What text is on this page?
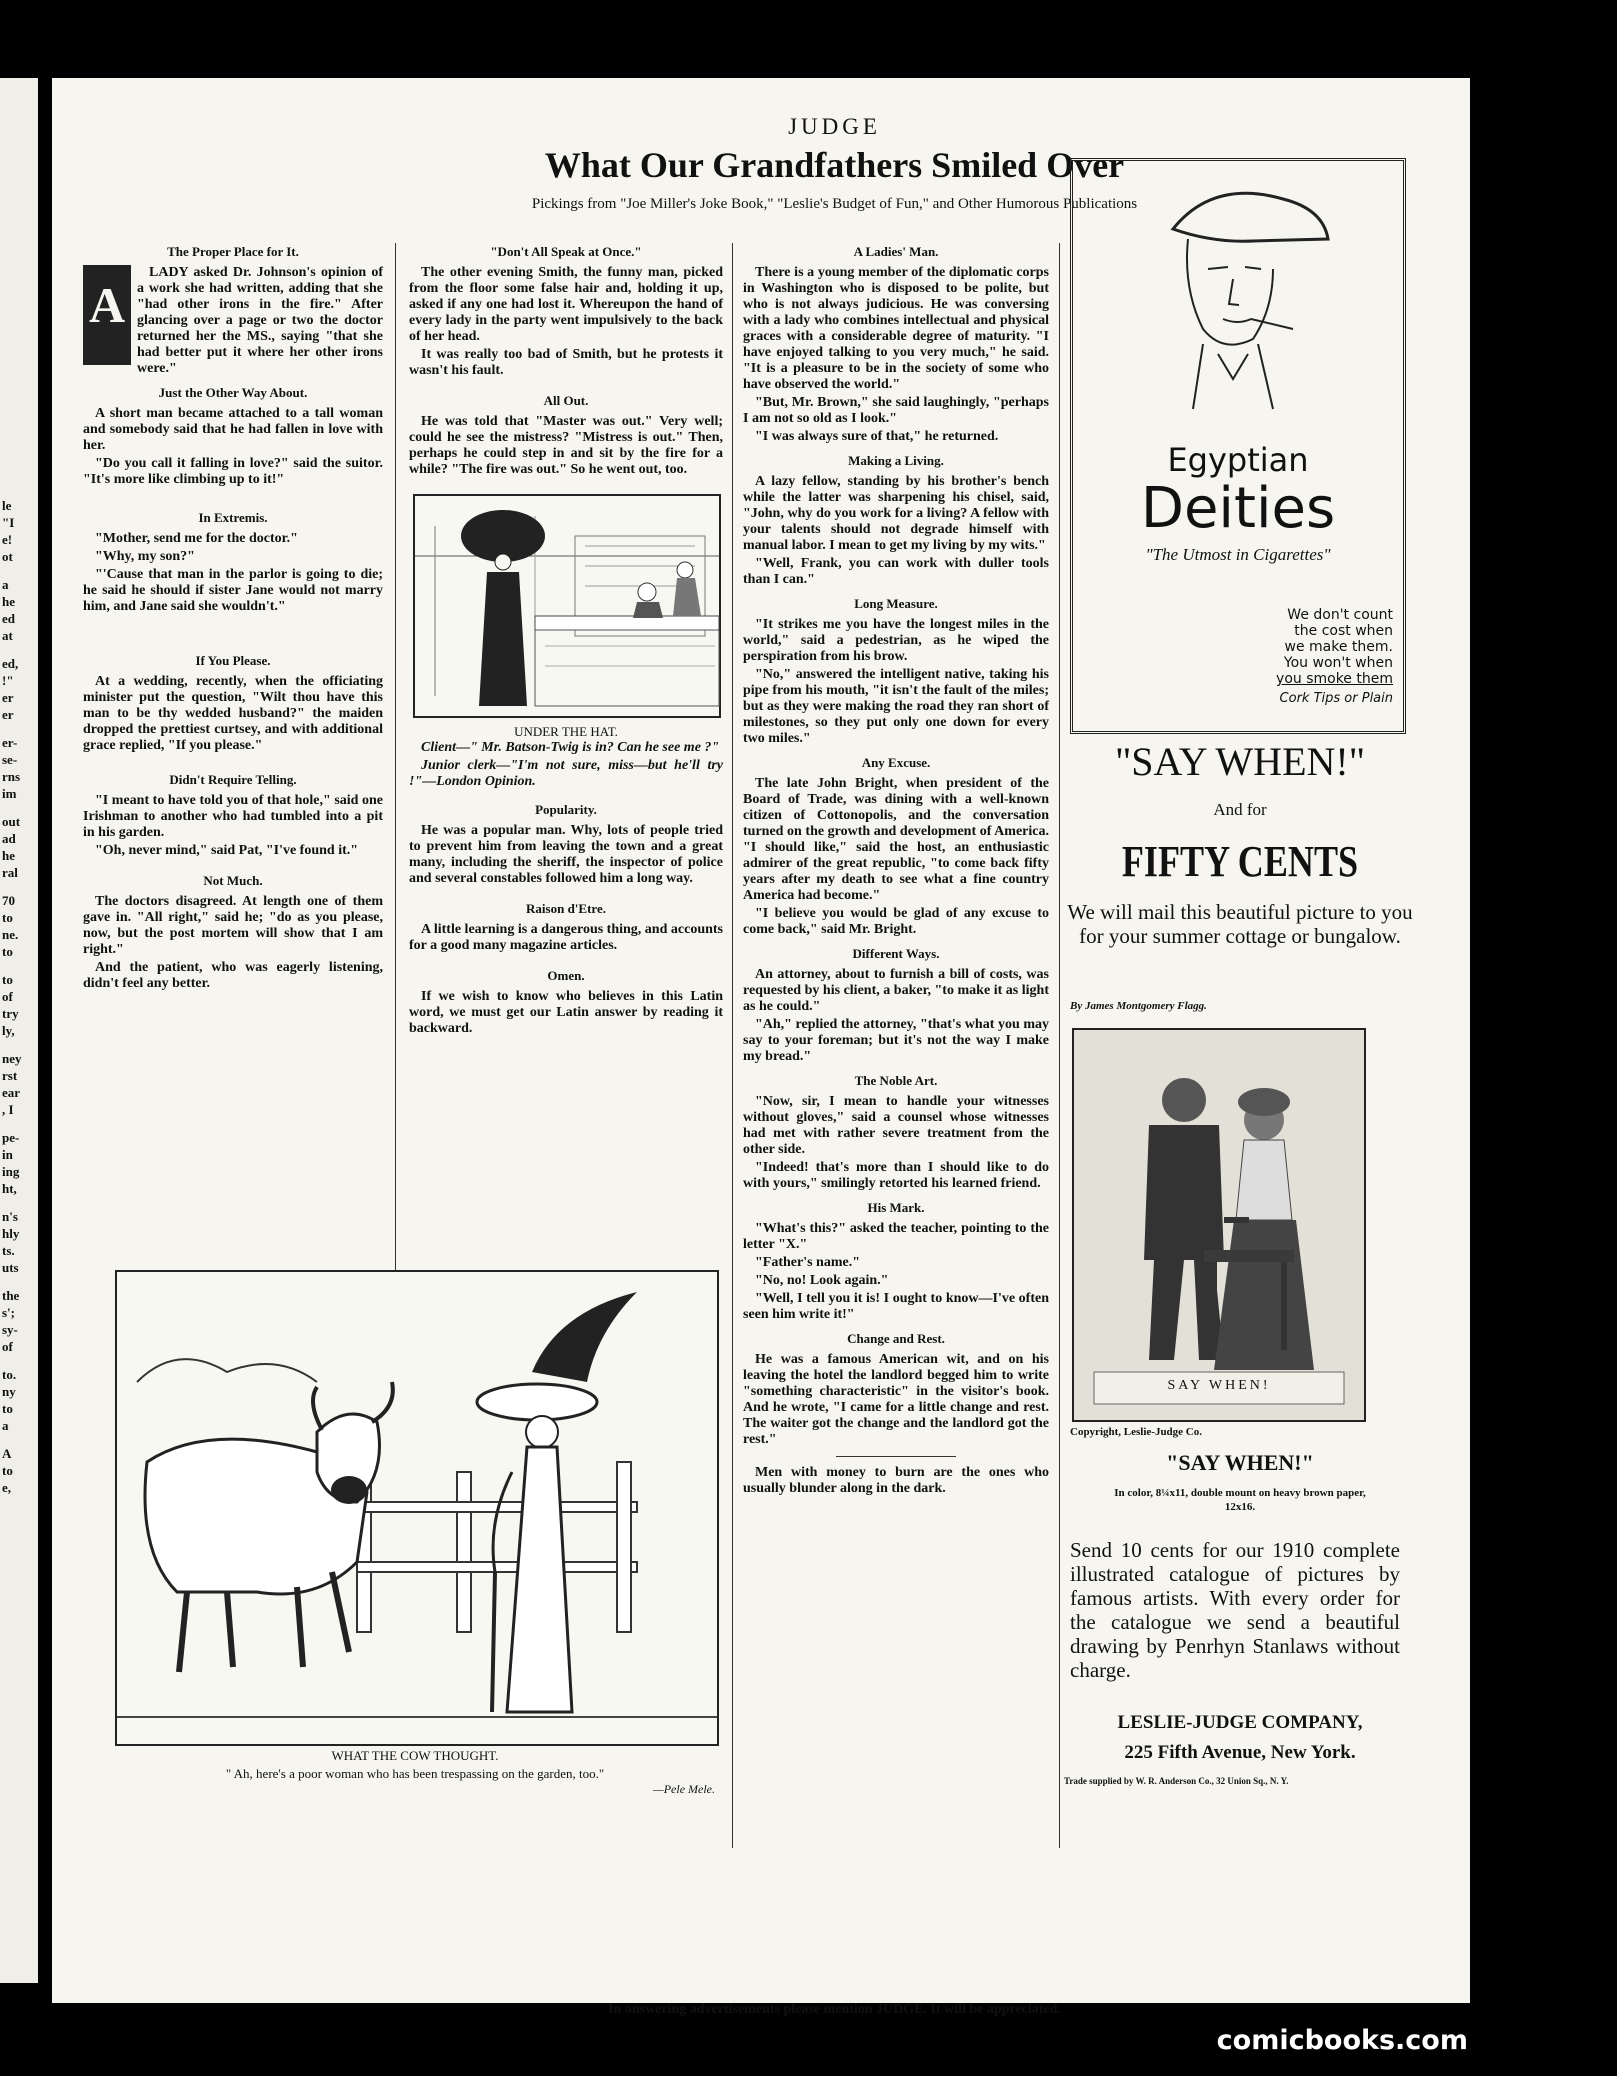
le
"I
e!
ot
a
he
ed
at
ed,
!"
er
er
er-
se-
rns
im
out
ad
he
ral
70
to
ne.
to
to
of
try
ly,
ney
rst
ear
, I
pe-
in
ing
ht,
n's
hly
ts.
uts
the
s';
sy-
of
to.
ny
to
a
A
to
e,
JUDGE
What Our Grandfathers Smiled Over
Pickings from "Joe Miller's Joke Book," "Leslie's Budget of Fun," and Other Humorous Publications
The Proper Place for It.
A

LADY asked Dr. Johnson's opinion of a work she had written, adding that she "had other irons in the fire." After glancing over a page or two the doctor returned her the MS., saying "that she had better put it where her other irons were."

Just the Other Way About.

A short man became attached to a tall woman and somebody said that he had fallen in love with her.

"Do you call it falling in love?" said the suitor. "It's more like climbing up to it!"

In Extremis.

"Mother, send me for the doctor."

"Why, my son?"

"'Cause that man in the parlor is going to die; he said he should if sister Jane would not marry him, and Jane said she wouldn't."

If You Please.

At a wedding, recently, when the officiating minister put the question, "Wilt thou have this man to be thy wedded husband?" the maiden dropped the prettiest curtsey, and with additional grace replied, "If you please."

Didn't Require Telling.

"I meant to have told you of that hole," said one Irishman to another who had tumbled into a pit in his garden.

"Oh, never mind," said Pat, "I've found it."

Not Much.

The doctors disagreed. At length one of them gave in. "All right," said he; "do as you please, now, but the post mortem will show that I am right."

And the patient, who was eagerly listening, didn't feel any better.

"Don't All Speak at Once."

The other evening Smith, the funny man, picked from the floor some false hair and, holding it up, asked if any one had lost it. Whereupon the hand of every lady in the party went impulsively to the back of her head.

It was really too bad of Smith, but he protests it wasn't his fault.

All Out.

He was told that "Master was out." Very well; could he see the mistress? "Mistress is out." Then, perhaps he could step in and sit by the fire for a while? "The fire was out." So he went out, too.

UNDER THE HAT.

Client—" Mr. Batson-Twig is in? Can he see me ?"

Junior clerk—"I'm not sure, miss—but he'll try !"—London Opinion.

Popularity.

He was a popular man. Why, lots of people tried to prevent him from leaving the town and a great many, including the sheriff, the inspector of police and several constables followed him a long way.

Raison d'Etre.

A little learning is a dangerous thing, and accounts for a good many magazine articles.

Omen.

If we wish to know who believes in this Latin word, we must get our Latin answer by reading it backward.

WHAT THE COW THOUGHT.
" Ah, here's a poor woman who has been trespassing on the garden, too."
—Pele Mele.
A Ladies' Man.

There is a young member of the diplomatic corps in Washington who is disposed to be polite, but who is not always judicious. He was conversing with a lady who combines intellectual and physical graces with a considerable degree of maturity. "I have enjoyed talking to you very much," he said. "It is a pleasure to be in the society of some who have observed the world."

"But, Mr. Brown," she said laughingly, "perhaps I am not so old as I look."

"I was always sure of that," he returned.

Making a Living.

A lazy fellow, standing by his brother's bench while the latter was sharpening his chisel, said, "John, why do you work for a living? A fellow with your talents should not degrade himself with manual labor. I mean to get my living by my wits."

"Well, Frank, you can work with duller tools than I can."

Long Measure.

"It strikes me you have the longest miles in the world," said a pedestrian, as he wiped the perspiration from his brow.

"No," answered the intelligent native, taking his pipe from his mouth, "it isn't the fault of the miles; but as they were making the road they ran short of milestones, so they put only one down for every two miles."

Any Excuse.

The late John Bright, when president of the Board of Trade, was dining with a well-known citizen of Cottonopolis, and the conversation turned on the growth and development of America. "I should like," said the host, an enthusiastic admirer of the great republic, "to come back fifty years after my death to see what a fine country America had become."

"I believe you would be glad of any excuse to come back," said Mr. Bright.

Different Ways.

An attorney, about to furnish a bill of costs, was requested by his client, a baker, "to make it as light as he could."

"Ah," replied the attorney, "that's what you may say to your foreman; but it's not the way I make my bread."

The Noble Art.

"Now, sir, I mean to handle your witnesses without gloves," said a counsel whose witnesses had met with rather severe treatment from the other side.

"Indeed! that's more than I should like to do with yours," smilingly retorted his learned friend.

His Mark.

"What's this?" asked the teacher, pointing to the letter "X."

"Father's name."

"No, no! Look again."

"Well, I tell you it is! I ought to know—I've often seen him write it!"

Change and Rest.

He was a famous American wit, and on his leaving the hotel the landlord begged him to write "something characteristic" in the visitor's book. And he wrote, "I came for a little change and rest. The waiter got the change and the landlord got the rest."

Men with money to burn are the ones who usually blunder along in the dark.

Egyptian
Deities
"The Utmost in Cigarettes"
We don't count
the cost when
we make them.
You won't when
you smoke them
Cork Tips or Plain
"SAY WHEN!"
And for
FIFTY CENTS
We will mail this beautiful picture to you for your summer cottage or bungalow.
By James Montgomery Flagg.
SAY WHEN!
Copyright, Leslie-Judge Co.
"SAY WHEN!"
In color, 8¼x11, double mount on heavy brown paper, 12x16.
Send 10 cents for our 1910 complete illustrated catalogue of pictures by famous artists. With every order for the catalogue we send a beautiful drawing by Penrhyn Stanlaws without charge.
LESLIE-JUDGE COMPANY,
225 Fifth Avenue, New York.
Trade supplied by W. R. Anderson Co., 32 Union Sq., N. Y.
In answering advertisements please mention JUDGE. It will be appreciated.
comicbooks.com
